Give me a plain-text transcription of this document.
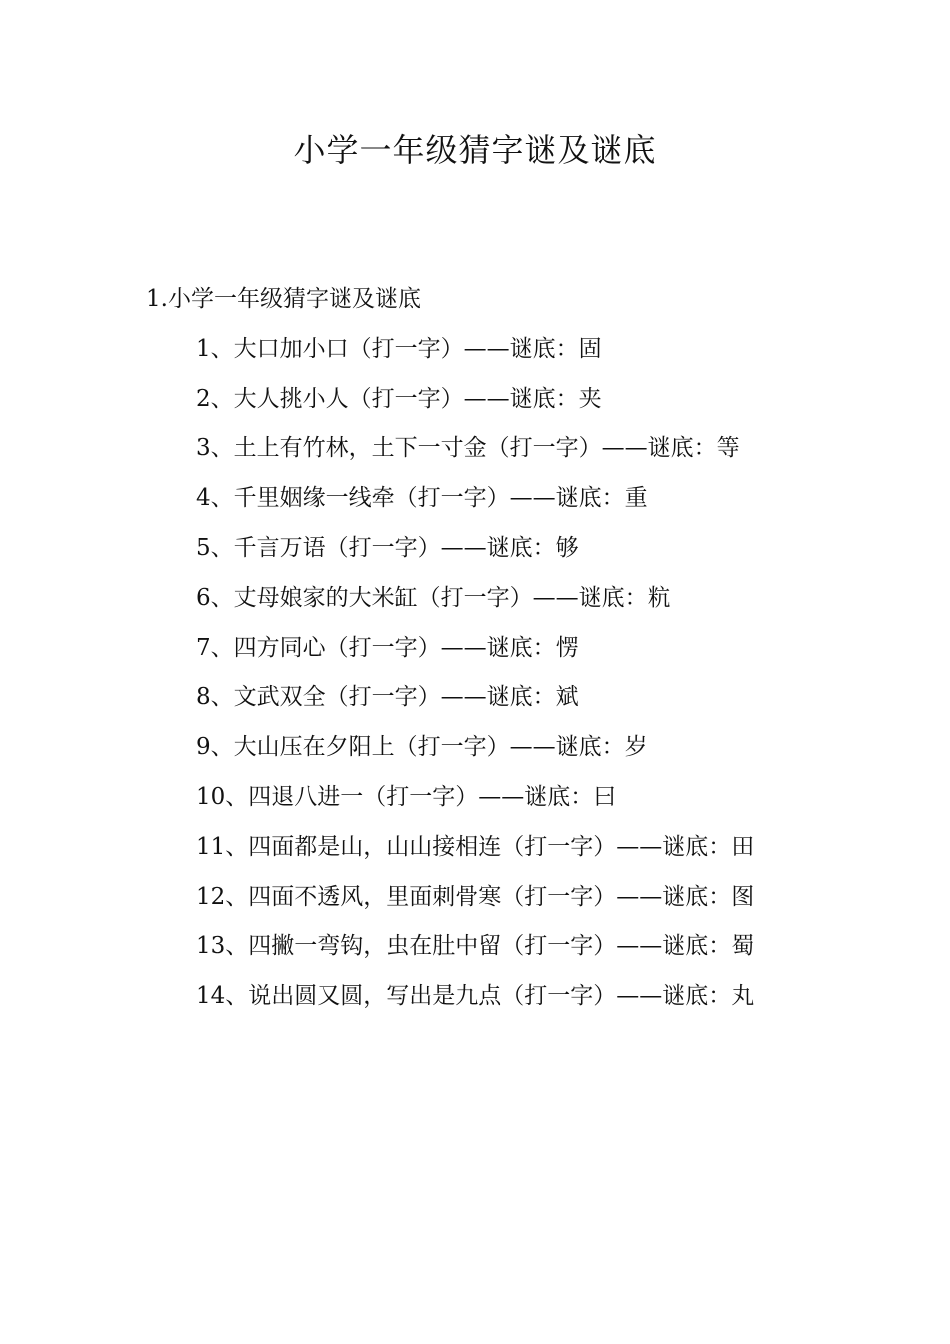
小学一年级猜字谜及谜底

1.小学一年级猜字谜及谜底

1、大口加小口（打一字）——谜底：固

2、大人挑小人（打一字）——谜底：夹

3、土上有竹林，土下一寸金（打一字）——谜底：等

4、千里姻缘一线牵（打一字）——谜底：重

5、千言万语（打一字）——谜底：够

6、丈母娘家的大米缸（打一字）——谜底：粇

7、四方同心（打一字）——谜底：愣

8、文武双全（打一字）——谜底：斌

9、大山压在夕阳上（打一字）——谜底：岁

10、四退八进一（打一字）——谜底：曰

11、四面都是山，山山接相连（打一字）——谜底：田

12、四面不透风，里面刺骨寒（打一字）——谜底：图

13、四撇一弯钩，虫在肚中留（打一字）——谜底：蜀

14、说出圆又圆，写出是九点（打一字）——谜底：丸
